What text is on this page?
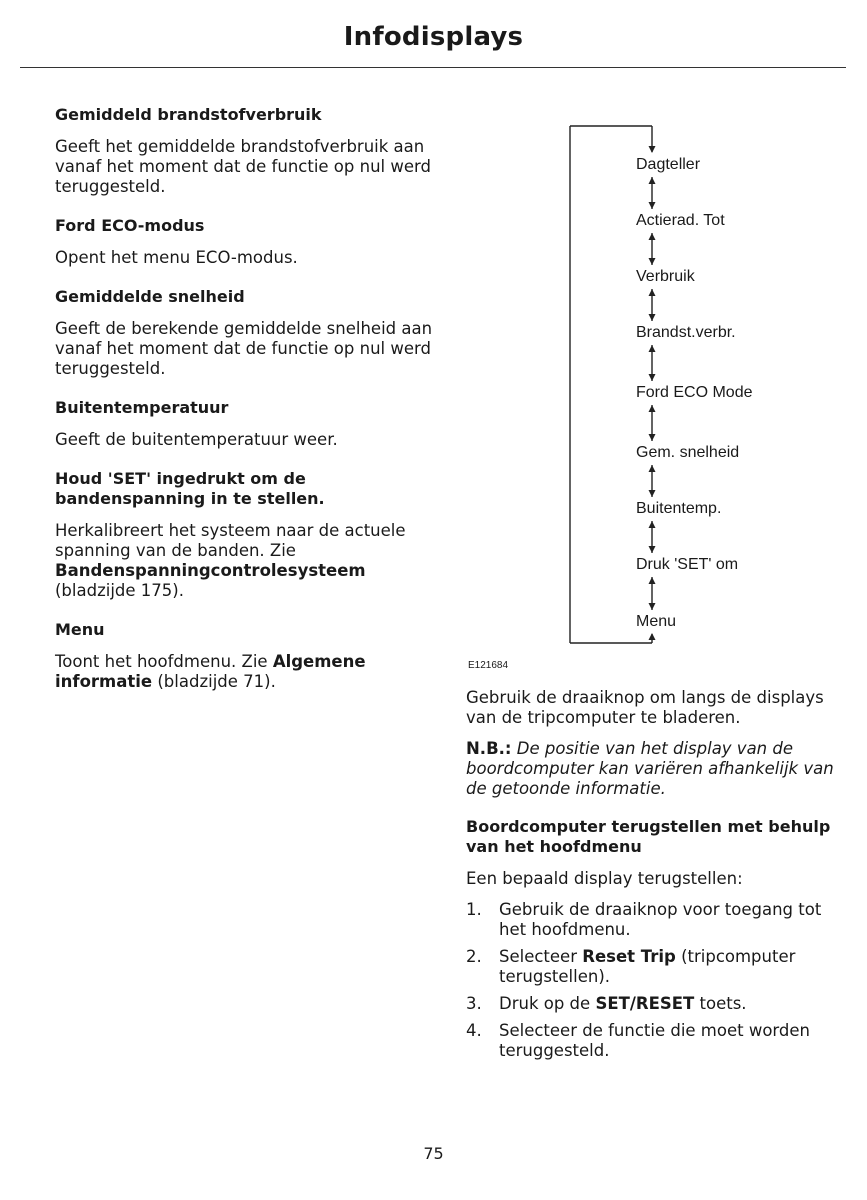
Infodisplays
Gemiddeld brandstofverbruik

Geeft het gemiddelde brandstofverbruik aan vanaf het moment dat de functie op nul werd teruggesteld.

Ford ECO-modus

Opent het menu ECO-modus.

Gemiddelde snelheid

Geeft de berekende gemiddelde snelheid aan vanaf het moment dat de functie op nul werd teruggesteld.

Buitentemperatuur

Geeft de buitentemperatuur weer.

Houd 'SET' ingedrukt om de bandenspanning in te stellen.

Herkalibreert het systeem naar de actuele spanning van de banden. Zie
Bandenspanningcontrolesysteem
(bladzijde 175).

Menu

Toont het hoofdmenu. Zie Algemene informatie (bladzijde 71).

Dagteller
Actierad. Tot
Verbruik
Brandst.verbr.
Ford ECO Mode
Gem. snelheid
Buitentemp.
Druk 'SET' om
Menu
E121684

Gebruik de draaiknop om langs de displays van de tripcomputer te bladeren.

N.B.: De positie van het display van de boordcomputer kan variëren afhankelijk van de getoonde informatie.

Boordcomputer terugstellen met behulp van het hoofdmenu

Een bepaald display terugstellen:

1. Gebruik de draaiknop voor toegang tot het hoofdmenu.
2. Selecteer Reset Trip (tripcomputer terugstellen).
3. Druk op de SET/RESET toets.
4. Selecteer de functie die moet worden teruggesteld.
75
